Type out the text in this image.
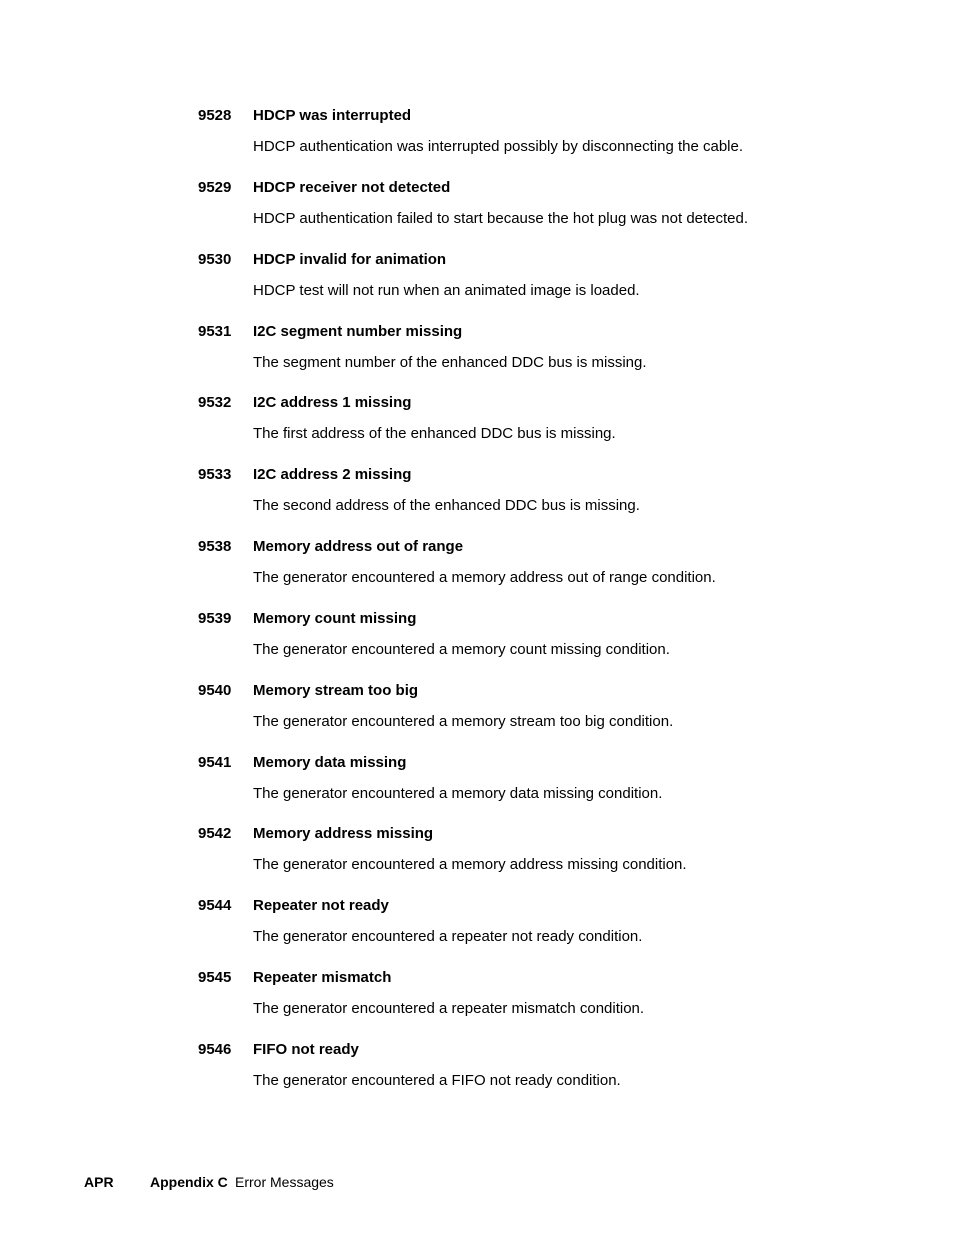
9528 HDCP was interrupted
HDCP authentication was interrupted possibly by disconnecting the cable.
9529 HDCP receiver not detected
HDCP authentication failed to start because the hot plug was not detected.
9530 HDCP invalid for animation
HDCP test will not run when an animated image is loaded.
9531 I2C segment number missing
The segment number of the enhanced DDC bus is missing.
9532 I2C address 1 missing
The first address of the enhanced DDC bus is missing.
9533 I2C address 2 missing
The second address of the enhanced DDC bus is missing.
9538 Memory address out of range
The generator encountered a memory address out of range condition.
9539 Memory count missing
The generator encountered a memory count missing condition.
9540 Memory stream too big
The generator encountered a memory stream too big condition.
9541 Memory data missing
The generator encountered a memory data missing condition.
9542 Memory address missing
The generator encountered a memory address missing condition.
9544 Repeater not ready
The generator encountered a repeater not ready condition.
9545 Repeater mismatch
The generator encountered a repeater mismatch condition.
9546 FIFO not ready
The generator encountered a FIFO not ready condition.
APR	Appendix C Error Messages
